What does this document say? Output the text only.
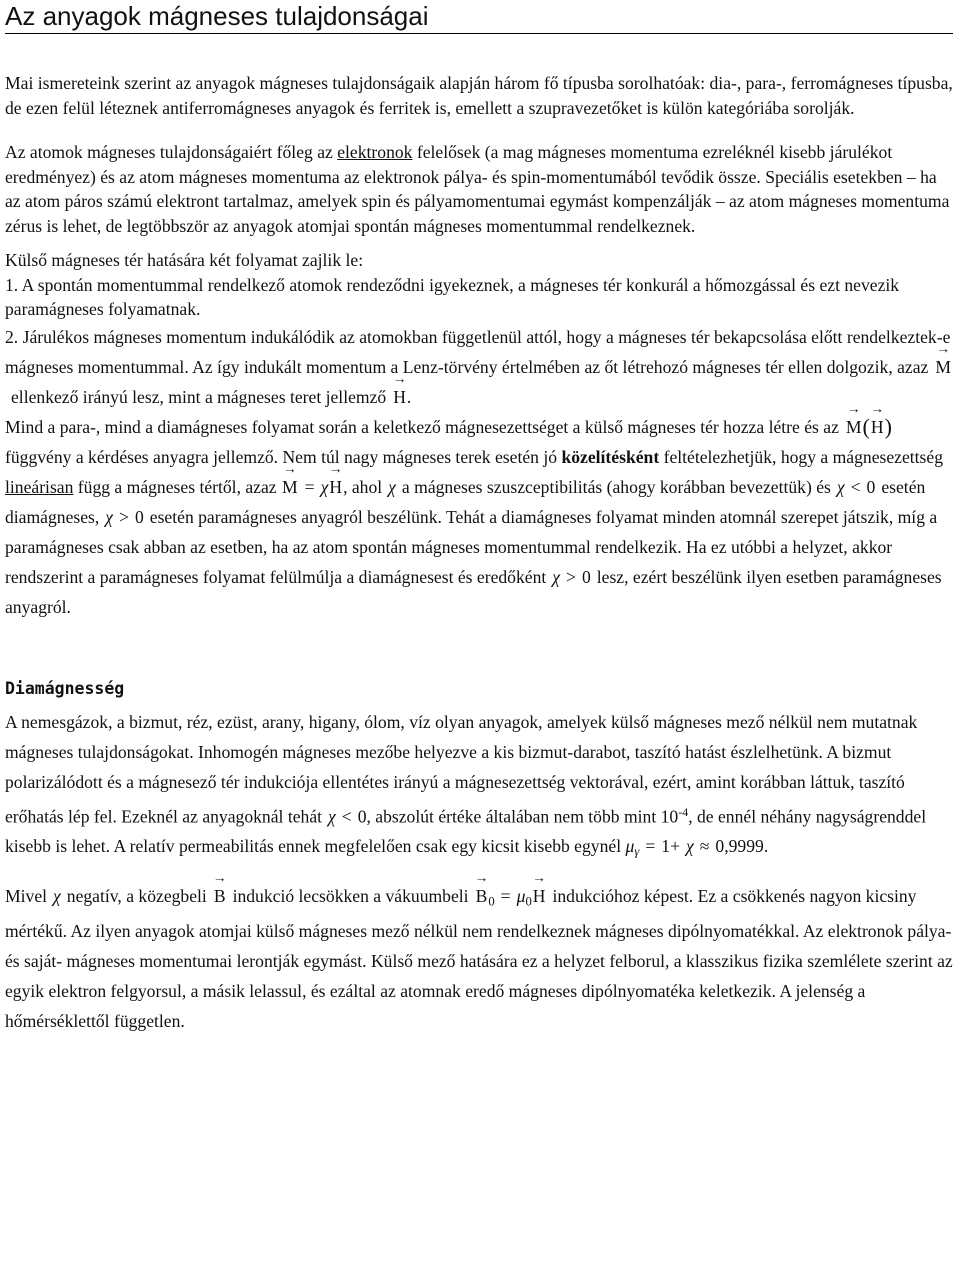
Az anyagok mágneses tulajdonságai

Mai ismereteink szerint az anyagok mágneses tulajdonságaik alapján három fő típusba sorolhatóak: dia-, para-, ferromágneses típusba, de ezen felül léteznek antiferromágneses anyagok és ferritek is, emellett a szupravezetőket is külön kategóriába sorolják.

Az atomok mágneses tulajdonságaiért főleg az elektronok felelősek (a mag mágneses momentuma ezreléknél kisebb járulékot eredményez) és az atom mágneses momentuma az elektronok pálya- és spin-momentumából tevődik össze. Speciális esetekben – ha az atom páros számú elektront tartalmaz, amelyek spin és pályamomentumai egymást kompenzálják – az atom mágneses momentuma zérus is lehet, de legtöbbször az anyagok atomjai spontán mágneses momentummal rendelkeznek.

Külső mágneses tér hatására két folyamat zajlik le:

1. A spontán momentummal rendelkező atomok rendeződni igyekeznek, a mágneses tér konkurál a hőmozgással és ezt nevezik paramágneses folyamatnak.

2. Járulékos mágneses momentum indukálódik az atomokban függetlenül attól, hogy a mágneses tér bekapcsolása előtt rendelkeztek-e mágneses momentummal. Az így indukált momentum a Lenz-törvény értelmében az őt létrehozó mágneses tér ellen dolgozik, azaz → Mellenkező irányú lesz, mint a mágneses teret jellemző → H.

Mind a para-, mind a diamágneses folyamat során a keletkező mágnesezettséget a külső mágneses tér hozza létre és az → M(→ H)függvény a kérdéses anyagra jellemző. Nem túl nagy mágneses terek esetén jó közelítésként feltételezhetjük, hogy a mágnesezettség lineárisan függ a mágneses tértől, azaz → M = χ→ H, ahol χ a mágneses szuszceptibilitás (ahogy korábban bevezettük) és χ < 0 esetén diamágneses, χ > 0 esetén paramágneses anyagról beszélünk. Tehát a diamágneses folyamat minden atomnál szerepet játszik, míg a paramágneses csak abban az esetben, ha az atom spontán mágneses momentummal rendelkezik. Ha ez utóbbi a helyzet, akkor rendszerint a paramágneses folyamat felülmúlja a diamágnesest és eredőként χ > 0 lesz, ezért beszélünk ilyen esetben paramágneses anyagról.

Diamágnesség

A nemesgázok, a bizmut, réz, ezüst, arany, higany, ólom, víz olyan anyagok, amelyek külső mágneses mező nélkül nem mutatnak mágneses tulajdonságokat. Inhomogén mágneses mezőbe helyezve a kis bizmut-darabot, taszító hatást észlelhetünk. A bizmut polarizálódott és a mágnesező tér indukciója ellentétes irányú a mágnesezettség vektorával, ezért, amint korábban láttuk, taszító erőhatás lép fel. Ezeknél az anyagoknál tehát χ < 0, abszolút értéke általában nem több mint $10^{-4}$, de ennél néhány nagyságrenddel kisebb is lehet. A relatív permeabilitás ennek megfelelően csak egy kicsit kisebb egynél $\mu_\gamma = 1+ \chi \approx 0,9999$.

Mivel χ negatív, a közegbeli → B indukció lecsökken a vákuumbeli → $B_0 = \mu_0\to H$ indukcióhoz képest. Ez a csökkenés nagyon kicsiny mértékű. Az ilyen anyagok atomjai külső mágneses mező nélkül nem rendelkeznek mágneses dipólnyomatékkal. Az elektronok pálya- és saját- mágneses momentumai lerontják egymást. Külső mező hatására ez a helyzet felborul, a klasszikus fizika szemlélete szerint az egyik elektron felgyorsul, a másik lelassul, és ezáltal az atomnak eredő mágneses dipólnyomatéka keletkezik. A jelenség a hőmérséklettől független.
